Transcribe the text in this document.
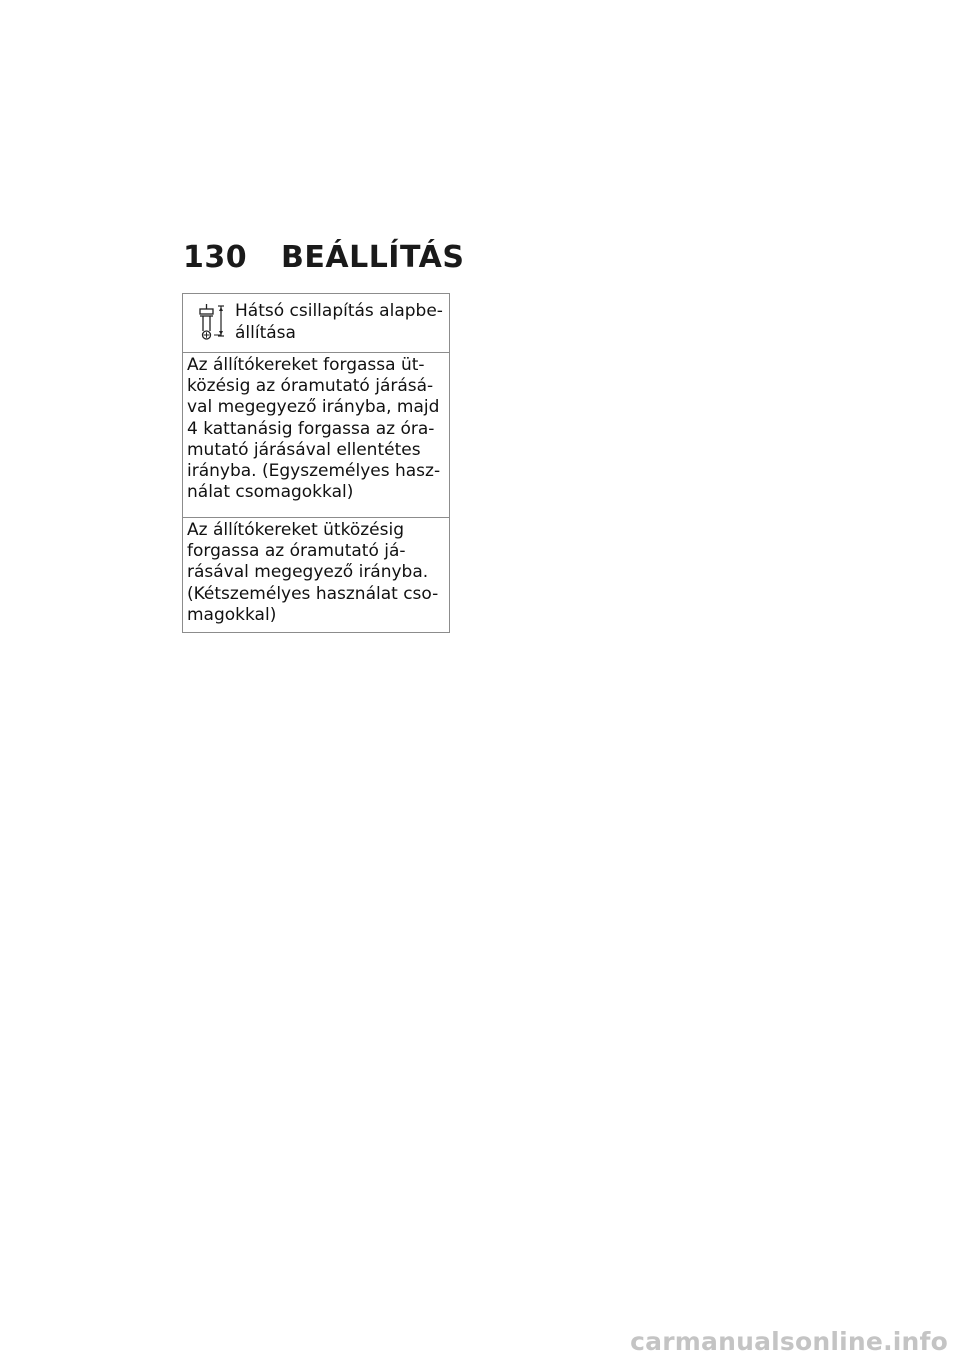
130	BEÁLLÍTÁS
Hátsó csillapítás alapbe-
állítása
Az állítókereket forgassa üt-
közésig az óramutató járásá-
val megegyező irányba, majd
4 kattanásig forgassa az óra-
mutató járásával ellentétes
irányba. (Egyszemélyes hasz-
nálat csomagokkal)
Az állítókereket ütközésig
forgassa az óramutató já-
rásával megegyező irányba.
(Kétszemélyes használat cso-
magokkal)
carmanualsonline.info
